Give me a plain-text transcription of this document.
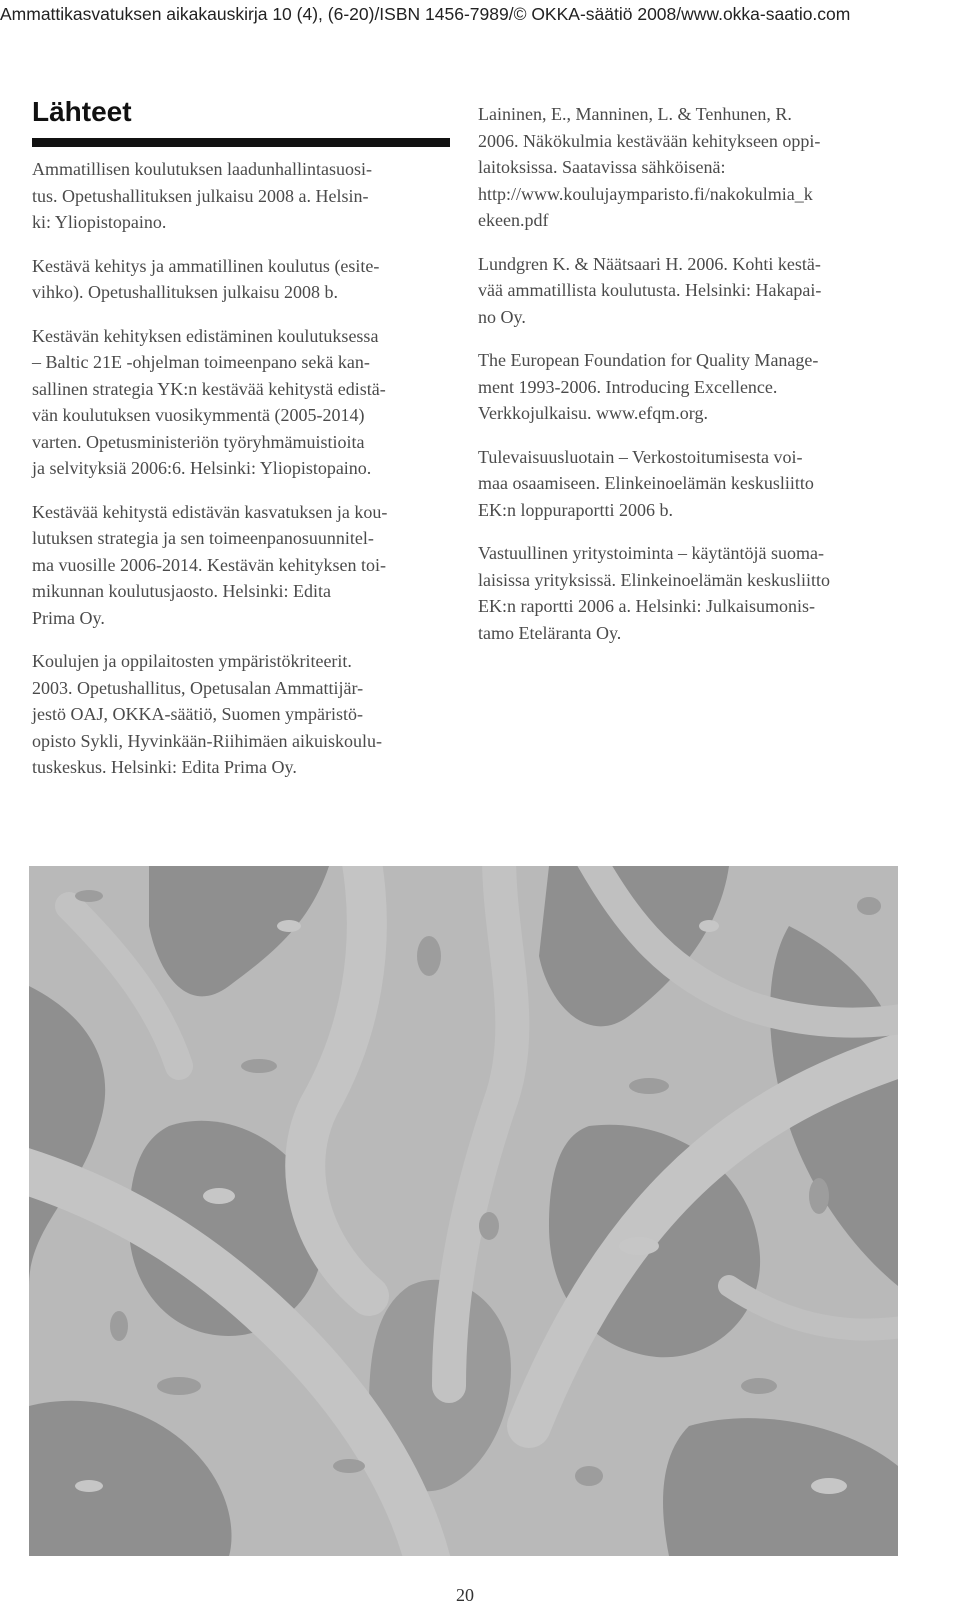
Ammattikasvatuksen aikakauskirja 10 (4), (6-20)/ISBN 1456-7989/© OKKA-säätiö 2008/www.okka-saatio.com
Lähteet
Ammatillisen koulutuksen laadunhallintasuosi-
tus. Opetushallituksen julkaisu 2008 a. Helsin-
ki: Yliopistopaino.
Kestävä kehitys ja ammatillinen koulutus (esite-
vihko). Opetushallituksen julkaisu 2008 b.
Kestävän kehityksen edistäminen koulutuksessa
– Baltic 21E -ohjelman toimeenpano sekä kan-
sallinen strategia YK:n kestävää kehitystä edistä-
vän koulutuksen vuosikymmentä (2005-2014)
varten. Opetusministeriön työryhmämuistioita
ja selvityksiä 2006:6. Helsinki: Yliopistopaino.
Kestävää kehitystä edistävän kasvatuksen ja kou-
lutuksen strategia ja sen toimeenpanosuunnitel-
ma vuosille 2006-2014. Kestävän kehityksen toi-
mikunnan koulutusjaosto. Helsinki: Edita
Prima Oy.
Koulujen ja oppilaitosten ympäristökriteerit.
2003. Opetushallitus, Opetusalan Ammattijär-
jestö OAJ, OKKA-säätiö, Suomen ympäristö-
opisto Sykli, Hyvinkään-Riihimäen aikuiskoulu-
tuskeskus. Helsinki: Edita Prima Oy.
Laininen, E., Manninen, L. & Tenhunen, R.
2006. Näkökulmia kestävään kehitykseen oppi-
laitoksissa. Saatavissa sähköisenä:
http://www.koulujaymparisto.fi/nakokulmia_k
ekeen.pdf
Lundgren K. & Näätsaari H. 2006. Kohti kestä-
vää ammatillista koulutusta. Helsinki: Hakapai-
no Oy.
The European Foundation for Quality Manage-
ment 1993-2006. Introducing Excellence.
Verkkojulkaisu. www.efqm.org.
Tulevaisuusluotain – Verkostoitumisesta voi-
maa osaamiseen. Elinkeinoelämän keskusliitto
EK:n loppuraportti 2006 b.
Vastuullinen yritystoiminta – käytäntöjä suoma-
laisissa yrityksissä. Elinkeinoelämän keskusliitto
EK:n raportti 2006 a. Helsinki: Julkaisumonis-
tamo Eteläranta Oy.
20
